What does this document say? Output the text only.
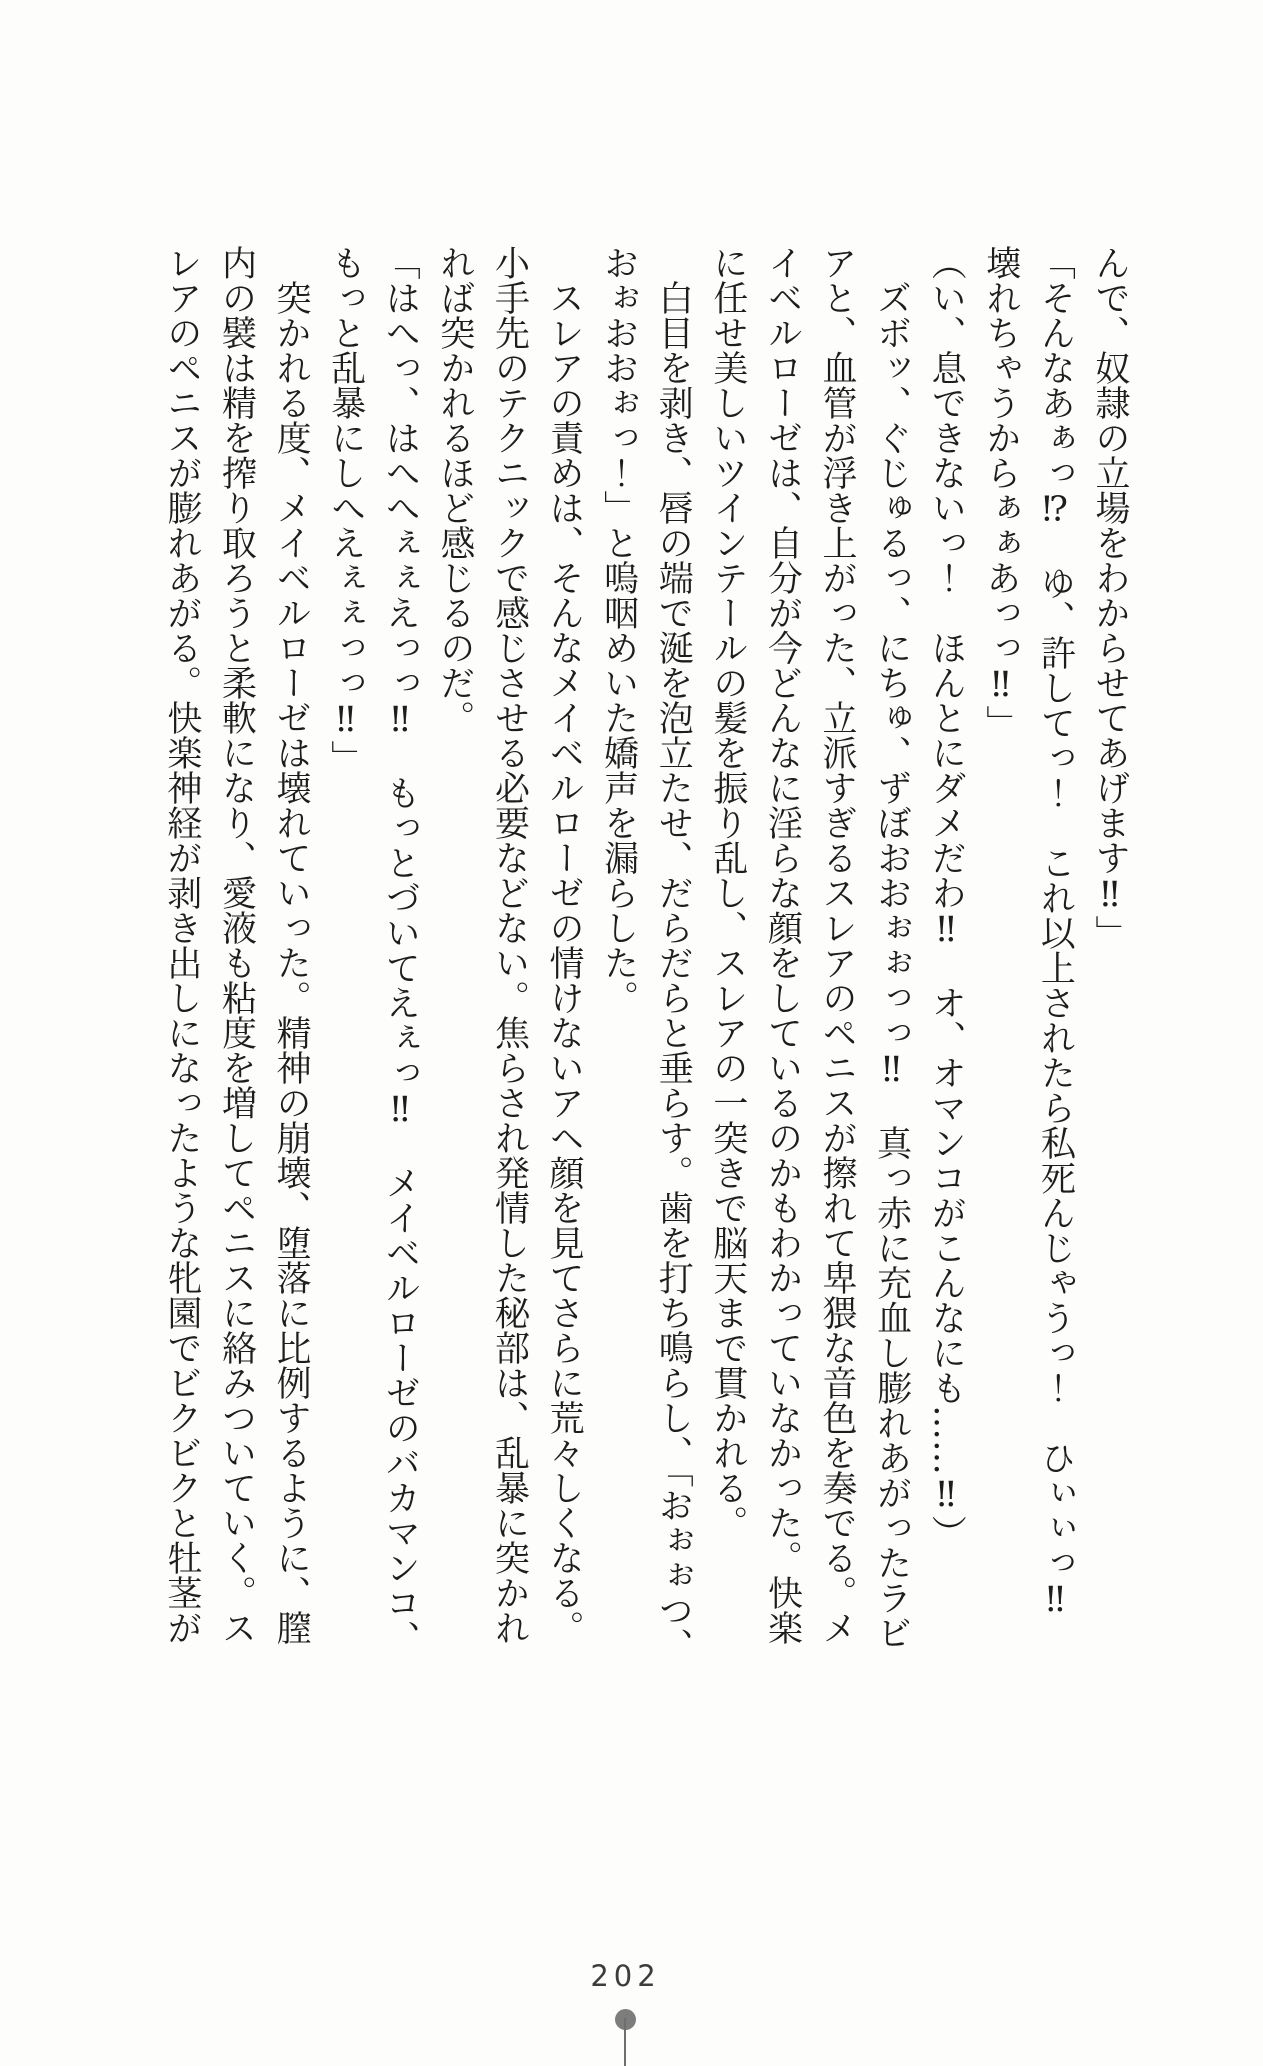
んで、奴隷の立場をわからせてあげます‼」
「そんなあぁっ⁉　ゆ、許してっ！　これ以上されたら私死んじゃうっ！　ひぃぃっ‼
壊れちゃうからぁぁあっっ‼」
（い、息できないっ！　ほんとにダメだわ‼　オ、オマンコがこんなにも……‼）
ズボッ、ぐじゅるっ、にちゅ、ずぼおおぉぉっっ‼　真っ赤に充血し膨れあがったラビ
アと、血管が浮き上がった、立派すぎるスレアのペニスが擦れて卑猥な音色を奏でる。メ
イベルローゼは、自分が今どんなに淫らな顔をしているのかもわかっていなかった。快楽
に任せ美しいツインテールの髪を振り乱し、スレアの一突きで脳天まで貫かれる。
白目を剥き、唇の端で涎を泡立たせ、だらだらと垂らす。歯を打ち鳴らし、「おぉぉつ、
おぉおおぉっ！」と嗚咽めいた嬌声を漏らした。
スレアの責めは、そんなメイベルローゼの情けないアヘ顔を見てさらに荒々しくなる。
小手先のテクニックで感じさせる必要などない。焦らされ発情した秘部は、乱暴に突かれ
れば突かれるほど感じるのだ。
「はへっ、はへへぇぇえっっ‼　もっとづいてえぇっ‼　メイベルローゼのバカマンコ、
もっと乱暴にしへえぇぇっっ‼」
突かれる度、メイベルローゼは壊れていった。精神の崩壊、堕落に比例するように、膣
内の襞は精を搾り取ろうと柔軟になり、愛液も粘度を増してペニスに絡みついていく。ス
レアのペニスが膨れあがる。快楽神経が剥き出しになったような牝園でビクビクと牡茎が
202
